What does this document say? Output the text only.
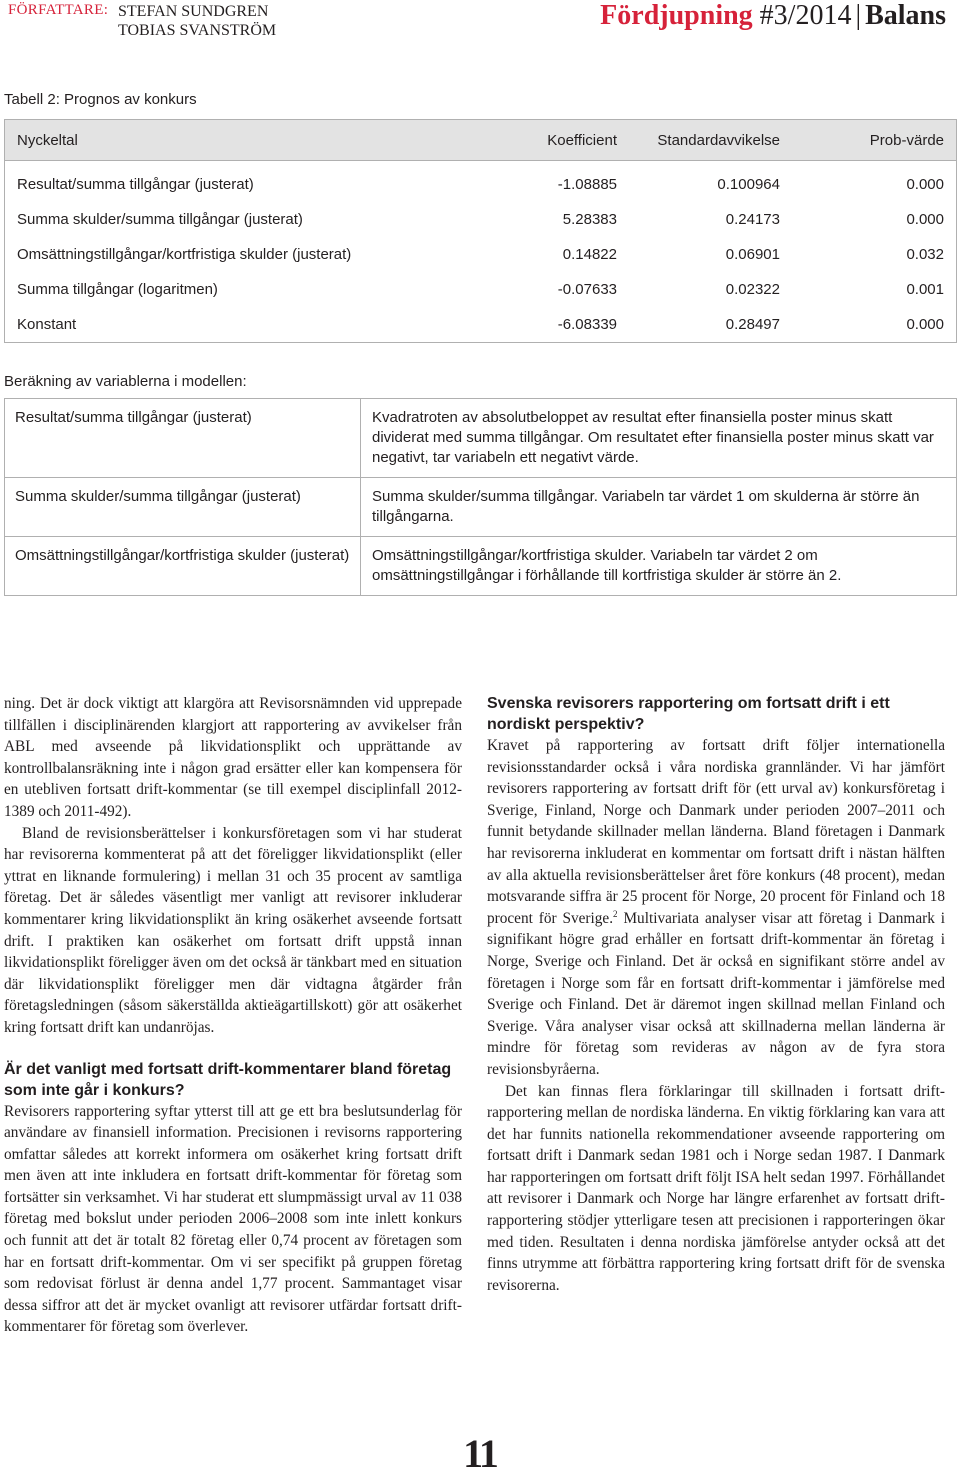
FÖRFATTARE: STEFAN SUNDGREN
TOBIAS SVANSTRÖM	Fördjupning #3/2014 | Balans
Tabell 2: Prognos av konkurs
Nyckeltal	Koefficient	Standardavvikelse	Prob-värde
Resultat/summa tillgångar (justerat)	-1.08885	0.100964	0.000
Summa skulder/summa tillgångar (justerat)	5.28383	0.24173	0.000
Omsättningstillgångar/kortfristiga skulder (justerat)	0.14822	0.06901	0.032
Summa tillgångar (logaritmen)	-0.07633	0.02322	0.001
Konstant	-6.08339	0.28497	0.000
Beräkning av variablerna i modellen:
Resultat/summa tillgångar (justerat)	Kvadratroten av absolutbeloppet av resultat efter finansiella poster minus skatt dividerat med summa tillgångar. Om resultatet efter finansiella poster minus skatt var negativt, tar variabeln ett negativt värde.
Summa skulder/summa tillgångar (justerat)	Summa skulder/summa tillgångar. Variabeln tar värdet 1 om skulderna är större än tillgångarna.
Omsättningstillgångar/kortfristiga skulder (justerat)	Omsättningstillgångar/kortfristiga skulder. Variabeln tar värdet 2 om omsättningstillgångar i förhållande till kortfristiga skulder är större än 2.

ning. Det är dock viktigt att klargöra att Revisorsnämnden vid upprepade tillfällen i disciplinärenden klargjort att rapportering av avvikelser från ABL med avseende på likvidationsplikt och upprättande av kontrollbalansräkning inte i någon grad ersätter eller kan kompensera för en utebliven fortsatt drift-kommentar (se till exempel disciplinfall 2012-1389 och 2011-492).

Bland de revisionsberättelser i konkursföretagen som vi har studerat har revisorerna kommenterat på att det föreligger likvidationsplikt (eller yttrat en liknande formulering) i mellan 31 och 35 procent av samtliga företag. Det är således väsentligt mer vanligt att revisorer inkluderar kommentarer kring likvidationsplikt än kring osäkerhet avseende fortsatt drift. I praktiken kan osäkerhet om fortsatt drift uppstå innan likvidationsplikt föreligger även om det också är tänkbart med en situation där likvidationsplikt föreligger men där vidtagna åtgärder från företagsledningen (såsom säkerställda aktieägartillskott) gör att osäkerhet kring fortsatt drift kan undanröjas.

Är det vanligt med fortsatt drift-kommentarer bland företag som inte går i konkurs?

Revisorers rapportering syftar ytterst till att ge ett bra beslutsunderlag för användare av finansiell information. Precisionen i revisorns rapportering omfattar således att korrekt informera om osäkerhet kring fortsatt drift men även att inte inkludera en fortsatt drift-kommentar för företag som fortsätter sin verksamhet. Vi har studerat ett slumpmässigt urval av 11 038 företag med bokslut under perioden 2006–2008 som inte inlett konkurs och funnit att det är totalt 82 företag eller 0,74 procent av företagen som har en fortsatt drift-kommentar. Om vi ser specifikt på gruppen företag som redovisat förlust är denna andel 1,77 procent. Sammantaget visar dessa siffror att det är mycket ovanligt att revisorer utfärdar fortsatt drift-kommentarer för företag som överlever.

Svenska revisorers rapportering om fortsatt drift i ett nordiskt perspektiv?

Kravet på rapportering av fortsatt drift följer internationella revisionsstandarder också i våra nordiska grannländer. Vi har jämfört revisorers rapportering av fortsatt drift för (ett urval av) konkursföretag i Sverige, Finland, Norge och Danmark under perioden 2007–2011 och funnit betydande skillnader mellan länderna. Bland företagen i Danmark har revisorerna inkluderat en kommentar om fortsatt drift i nästan hälften av alla aktuella revisionsberättelser året före konkurs (48 procent), medan motsvarande siffra är 25 procent för Norge, 20 procent för Finland och 18 procent för Sverige.$^2$ Multivariata analyser visar att företag i Danmark i signifikant högre grad erhåller en fortsatt drift-kommentar än företag i Norge, Sverige och Finland. Det är också en signifikant större andel av företagen i Norge som får en fortsatt drift-kommentar i jämförelse med Sverige och Finland. Det är däremot ingen skillnad mellan Finland och Sverige. Våra analyser visar också att skillnaderna mellan länderna är mindre för företag som revideras av någon av de fyra stora revisionsbyråerna.

Det kan finnas flera förklaringar till skillnaden i fortsatt drift-rapportering mellan de nordiska länderna. En viktig förklaring kan vara att det har funnits nationella rekommendationer avseende rapportering om fortsatt drift i Danmark sedan 1981 och i Norge sedan 1987. I Danmark har rapporteringen om fortsatt drift följt ISA helt sedan 1997. Förhållandet att revisorer i Danmark och Norge har längre erfarenhet av fortsatt drift-rapportering stödjer ytterligare tesen att precisionen i rapporteringen ökar med tiden. Resultaten i denna nordiska jämförelse antyder också att det finns utrymme att förbättra rapportering kring fortsatt drift för de svenska revisorerna.

11
